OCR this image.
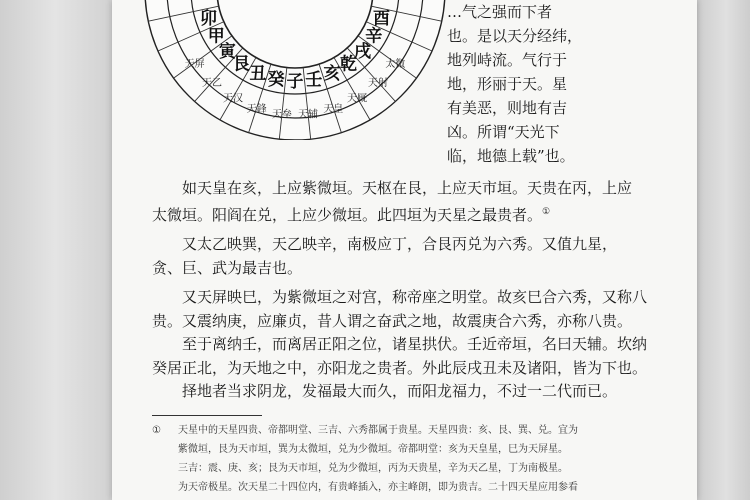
卯
甲
寅
艮 丑 癸 子 壬 亥 乾
戌
辛
酉
天屏
天乙
天汉
天鋒 天垒 天辅 天皇
天厩
天射
太微
…气之强而下者
也。是以天分经纬，
地列峙流。气行于
地，形丽于天。星
有美恶，则地有吉
凶。所谓“天光下
临，地德上载”也。

如天皇在亥，上应紫微垣。天枢在艮，上应天市垣。天贵在丙，上应

太微垣。阳阎在兑，上应少微垣。此四垣为天星之最贵者。①

又太乙映巽，天乙映辛，南极应丁，合艮丙兑为六秀。又值九星，

贪、巨、武为最吉也。

又天屏映巳，为紫微垣之对宫，称帝座之明堂。故亥巳合六秀，又称八

贵。又震纳庚，应廉贞，昔人谓之奋武之地，故震庚合六秀，亦称八贵。

至于离纳壬，而离居正阳之位，诸星拱伏。壬近帝垣，名曰天辅。坎纳

癸居正北，为天地之中，亦阳龙之贵者。外此辰戌丑未及诸阳，皆为下也。

择地者当求阴龙，发福最大而久，而阳龙福力，不过一二代而已。

① 天星中的天星四贵、帝都明堂、三吉、六秀都属于贵星。天星四贵：亥、艮、巽、兑。宜为
紫微垣，艮为天市垣，巽为太微垣，兑为少微垣。帝都明堂：亥为天皇星，巳为天屏星。
三吉：震、庚、亥；艮为天市垣，兑为少微垣，丙为天贵星，辛为天乙星，丁为南极星。
为天帝极星。次天星二十四位内，有贵峰插入，亦主峰朗，即为贵吉。二十四天星应用参看
